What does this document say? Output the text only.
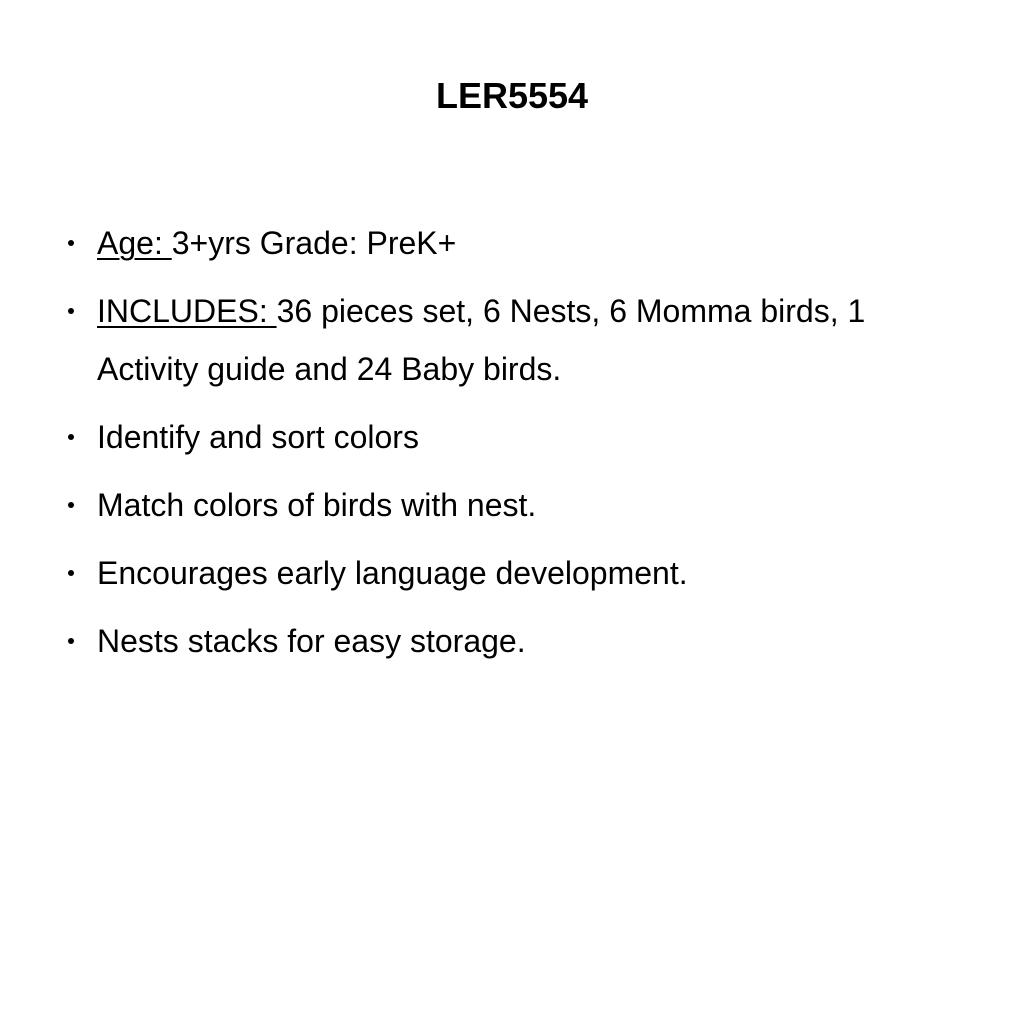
LER5554
Age: 3+yrs Grade: PreK+
INCLUDES: 36 pieces set, 6 Nests, 6 Momma birds, 1 Activity guide and 24 Baby birds.
Identify and sort colors
Match colors of birds with nest.
Encourages early language development.
Nests stacks for easy storage.
